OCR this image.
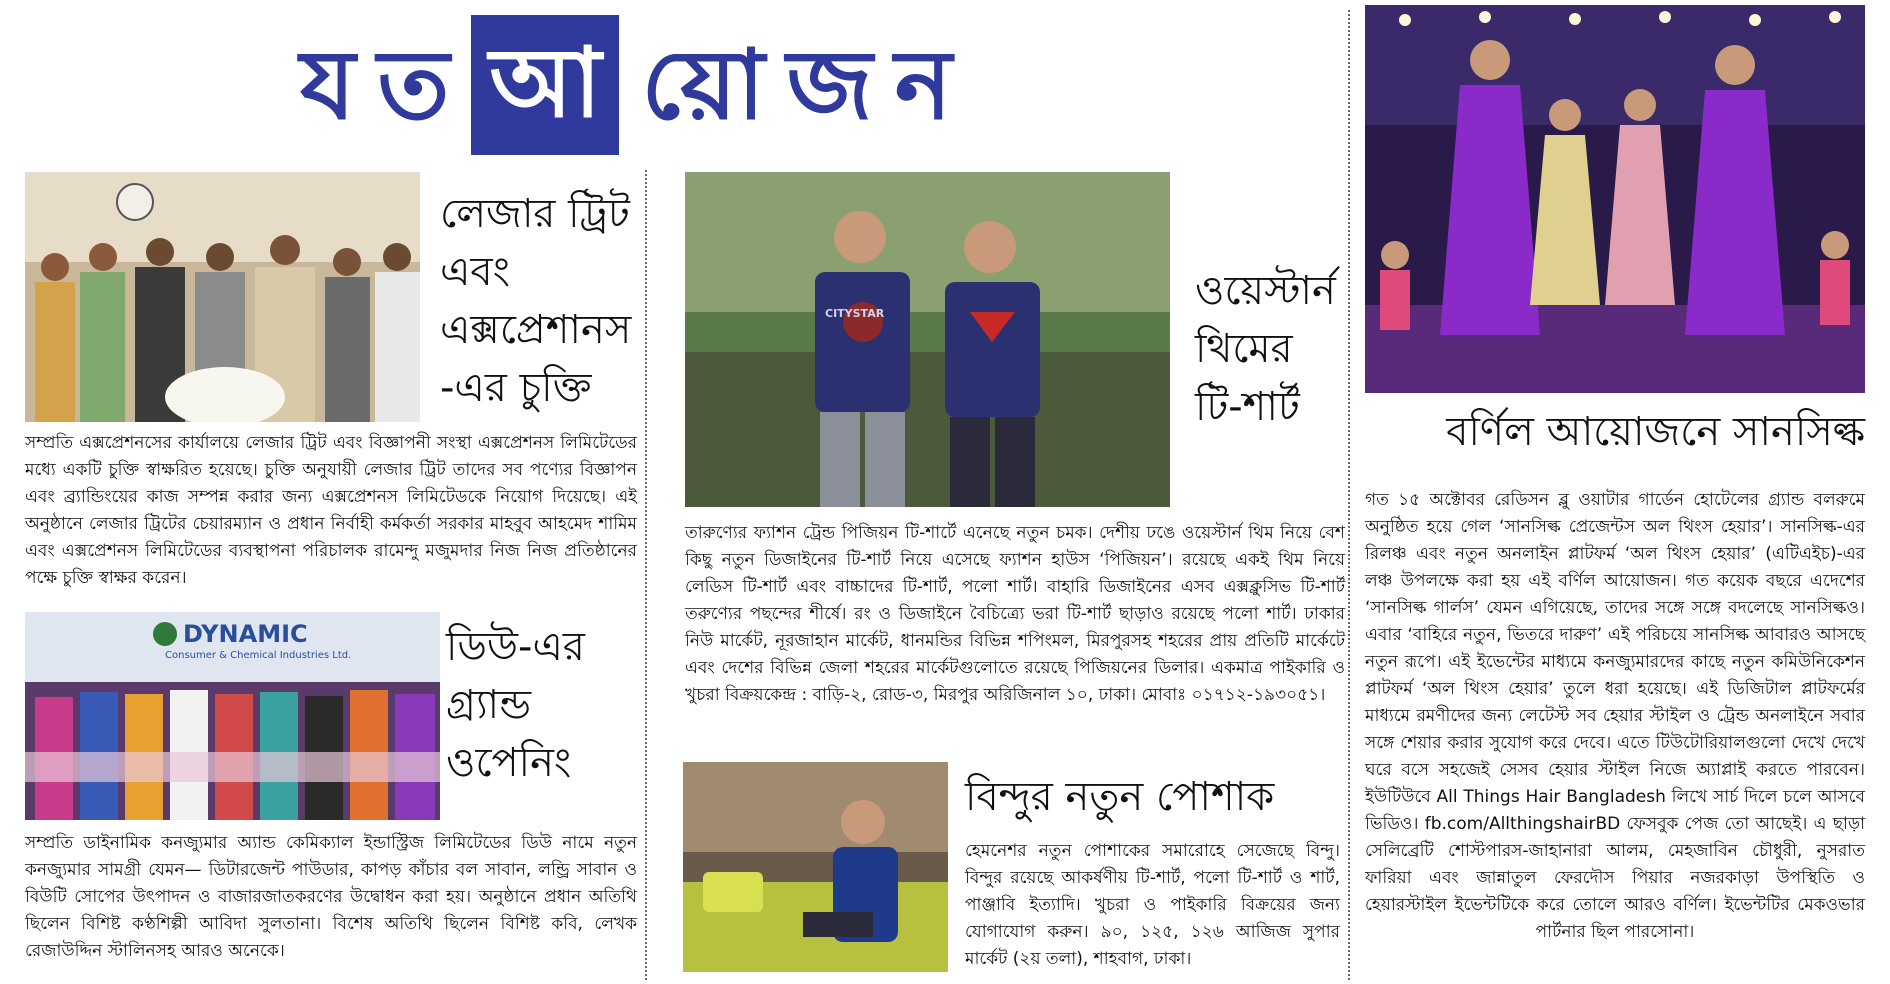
য ত আ য়ো জ ন
লেজার ট্রিট এবং এক্সপ্রেশানস -এর চুক্তি
সম্প্রতি এক্সপ্রেশনসের কার্যালয়ে লেজার ট্রিট এবং বিজ্ঞাপনী সংস্থা এক্সপ্রেশনস লিমিটেডের মধ্যে একটি চুক্তি স্বাক্ষরিত হয়েছে। চুক্তি অনুযায়ী লেজার ট্রিট তাদের সব পণ্যের বিজ্ঞাপন এবং ব্র্যান্ডিংয়ের কাজ সম্পন্ন করার জন্য এক্সপ্রেশনস লিমিটেডকে নিয়োগ দিয়েছে। এই অনুষ্ঠানে লেজার ট্রিটের চেয়ারম্যান ও প্রধান নির্বাহী কর্মকর্তা সরকার মাহবুব আহমেদ শামিম এবং এক্সপ্রেশনস লিমিটেডের ব্যবস্থাপনা পরিচালক রামেন্দু মজুমদার নিজ নিজ প্রতিষ্ঠানের পক্ষে চুক্তি স্বাক্ষর করেন।
DYNAMIC
Consumer & Chemical Industries Ltd. ডিউ-এর গ্র্যান্ড ওপেনিং
সম্প্রতি ডাইনামিক কনজ্যুমার অ্যান্ড কেমিক্যাল ইন্ডাস্ট্রিজ লিমিটেডের ডিউ নামে নতুন কনজ্যুমার সামগ্রী যেমন— ডিটারজেন্ট পাউডার, কাপড় কাঁচার বল সাবান, লন্ড্রি সাবান ও বিউটি সোপের উৎপাদন ও বাজারজাতকরণের উদ্বোধন করা হয়। অনুষ্ঠানে প্রধান অতিথি ছিলেন বিশিষ্ট কণ্ঠশিল্পী আবিদা সুলতানা। বিশেষ অতিথি ছিলেন বিশিষ্ট কবি, লেখক রেজাউদ্দিন স্টালিনসহ আরও অনেকে।
CITYSTAR	ওয়েস্টার্ন থিমের টি-শার্ট
তারুণ্যের ফ্যাশন ট্রেন্ড পিজিয়ন টি-শার্টে এনেছে নতুন চমক। দেশীয় ঢঙে ওয়েস্টার্ন থিম নিয়ে বেশ কিছু নতুন ডিজাইনের টি-শার্ট নিয়ে এসেছে ফ্যাশন হাউস ‘পিজিয়ন’। রয়েছে একই থিম নিয়ে লেডিস টি-শার্ট এবং বাচ্চাদের টি-শার্ট, পলো শার্ট। বাহারি ডিজাইনের এসব এক্সক্লুসিভ টি-শার্ট তরুণ্যের পছন্দের শীর্ষে। রং ও ডিজাইনে বৈচিত্র্যে ভরা টি-শার্ট ছাড়াও রয়েছে পলো শার্ট। ঢাকার নিউ মার্কেট, নূরজাহান মার্কেট, ধানমন্ডির বিভিন্ন শপিংমল, মিরপুরসহ শহরের প্রায় প্রতিটি মার্কেটে এবং দেশের বিভিন্ন জেলা শহরের মার্কেটগুলোতে রয়েছে পিজিয়নের ডিলার। একমাত্র পাইকারি ও খুচরা বিক্রয়কেন্দ্র : বাড়ি-২, রোড-৩, মিরপুর অরিজিনাল ১০, ঢাকা। মোবাঃ ০১৭১২-১৯৩০৫১।
বিন্দুর নতুন পোশাক
হেমনেশর নতুন পোশাকের সমারোহে সেজেছে বিন্দু। বিন্দুর রয়েছে আকর্ষণীয় টি-শার্ট, পলো টি-শার্ট ও শার্ট, পাঞ্জাবি ইত্যাদি। খুচরা ও পাইকারি বিক্রয়ের জন্য যোগাযোগ করুন। ৯০, ১২৫, ১২৬ আজিজ সুপার মার্কেট (২য় তলা), শাহবাগ, ঢাকা।
বর্ণিল আয়োজনে সানসিল্ক
গত ১৫ অক্টোবর রেডিসন ব্লু ওয়াটার গার্ডেন হোটেলের গ্র্যান্ড বলরুমে অনুষ্ঠিত হয়ে গেল ‘সানসিল্ক প্রেজেন্টস অল থিংস হেয়ার’। সানসিল্ক-এর রিলঞ্চ এবং নতুন অনলাইন প্লাটফর্ম ‘অল থিংস হেয়ার’ (এটিএইচ)-এর লঞ্চ উপলক্ষে করা হয় এই বর্ণিল আয়োজন। গত কয়েক বছরে এদেশের ‘সানসিল্ক গার্লস’ যেমন এগিয়েছে, তাদের সঙ্গে সঙ্গে বদলেছে সানসিল্কও। এবার ‘বাহিরে নতুন, ভিতরে দারুণ’ এই পরিচয়ে সানসিল্ক আবারও আসছে নতুন রূপে। এই ইভেন্টের মাধ্যমে কনজ্যুমারদের কাছে নতুন কমিউনিকেশন প্লাটফর্ম ‘অল থিংস হেয়ার’ তুলে ধরা হয়েছে। এই ডিজিটাল প্লাটফর্মের মাধ্যমে রমণীদের জন্য লেটেস্ট সব হেয়ার স্টাইল ও ট্রেন্ড অনলাইনে সবার সঙ্গে শেয়ার করার সুযোগ করে দেবে। এতে টিউটোরিয়ালগুলো দেখে দেখে ঘরে বসে সহজেই সেসব হেয়ার স্টাইল নিজে অ্যাপ্লাই করতে পারবেন। ইউটিউবে All Things Hair Bangladesh লিখে সার্চ দিলে চলে আসবে ভিডিও। fb.com/AllthingshairBD ফেসবুক পেজ তো আছেই। এ ছাড়া সেলিব্রেটি শোস্টপারস-জাহানারা আলম, মেহজাবিন চৌধুরী, নুসরাত ফারিয়া এবং জান্নাতুল ফেরদৌস পিয়ার নজরকাড়া উপস্থিতি ও হেয়ারস্টাইল ইভেন্টটিকে করে তোলে আরও বর্ণিল। ইভেন্টটির মেকওভার পার্টনার ছিল পারসোনা।
